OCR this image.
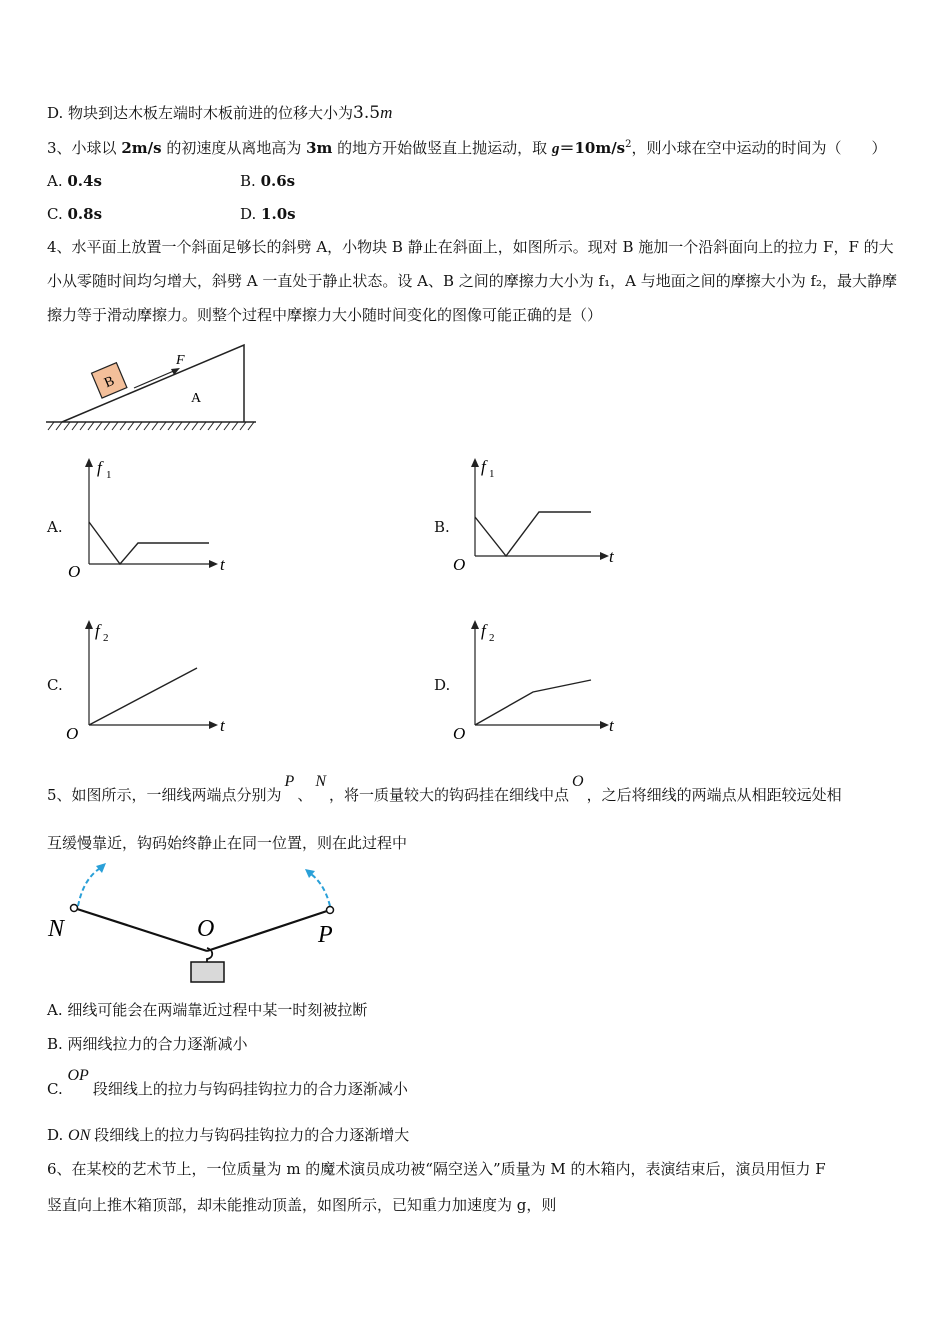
D. 物块到达木板左端时木板前进的位移大小为3.5m
3、小球以 2m/s 的初速度从离地高为 3m 的地方开始做竖直上抛运动，取 $g=10m/s^2$，则小球在空中运动的时间为（　　）
A. 0.4s	B. 0.6s
C. 0.8s	D. 1.0s
4、水平面上放置一个斜面足够长的斜劈 A，小物块 B 静止在斜面上，如图所示。现对 B 施加一个沿斜面向上的拉力 F，F 的大小从零随时间均匀增大，斜劈 A 一直处于静止状态。设 A、B 之间的摩擦力大小为 f₁，A 与地面之间的摩擦大小为 f₂，最大静摩擦力等于滑动摩擦力。则整个过程中摩擦力大小随时间变化的图像可能正确的是（）
B
F
A
A.	B.
C.	D.
f 1
t
O
f 1
t
O
f 2
t
O
f 2
t
O
5、如图所示，一细线两端点分别为P、N，将一质量较大的钩码挂在细线中点O，之后将细线的两端点从相距较远处相
互缓慢靠近，钩码始终静止在同一位置，则在此过程中
N	O	P
A. 细线可能会在两端靠近过程中某一时刻被拉断
B. 两细线拉力的合力逐渐减小
C. OP段细线上的拉力与钩码挂钩拉力的合力逐渐减小
D. ON 段细线上的拉力与钩码挂钩拉力的合力逐渐增大
6、在某校的艺术节上，一位质量为 m 的魔术演员成功被“隔空送入”质量为 M 的木箱内，表演结束后，演员用恒力 F
竖直向上推木箱顶部，却未能推动顶盖，如图所示，已知重力加速度为 g，则
